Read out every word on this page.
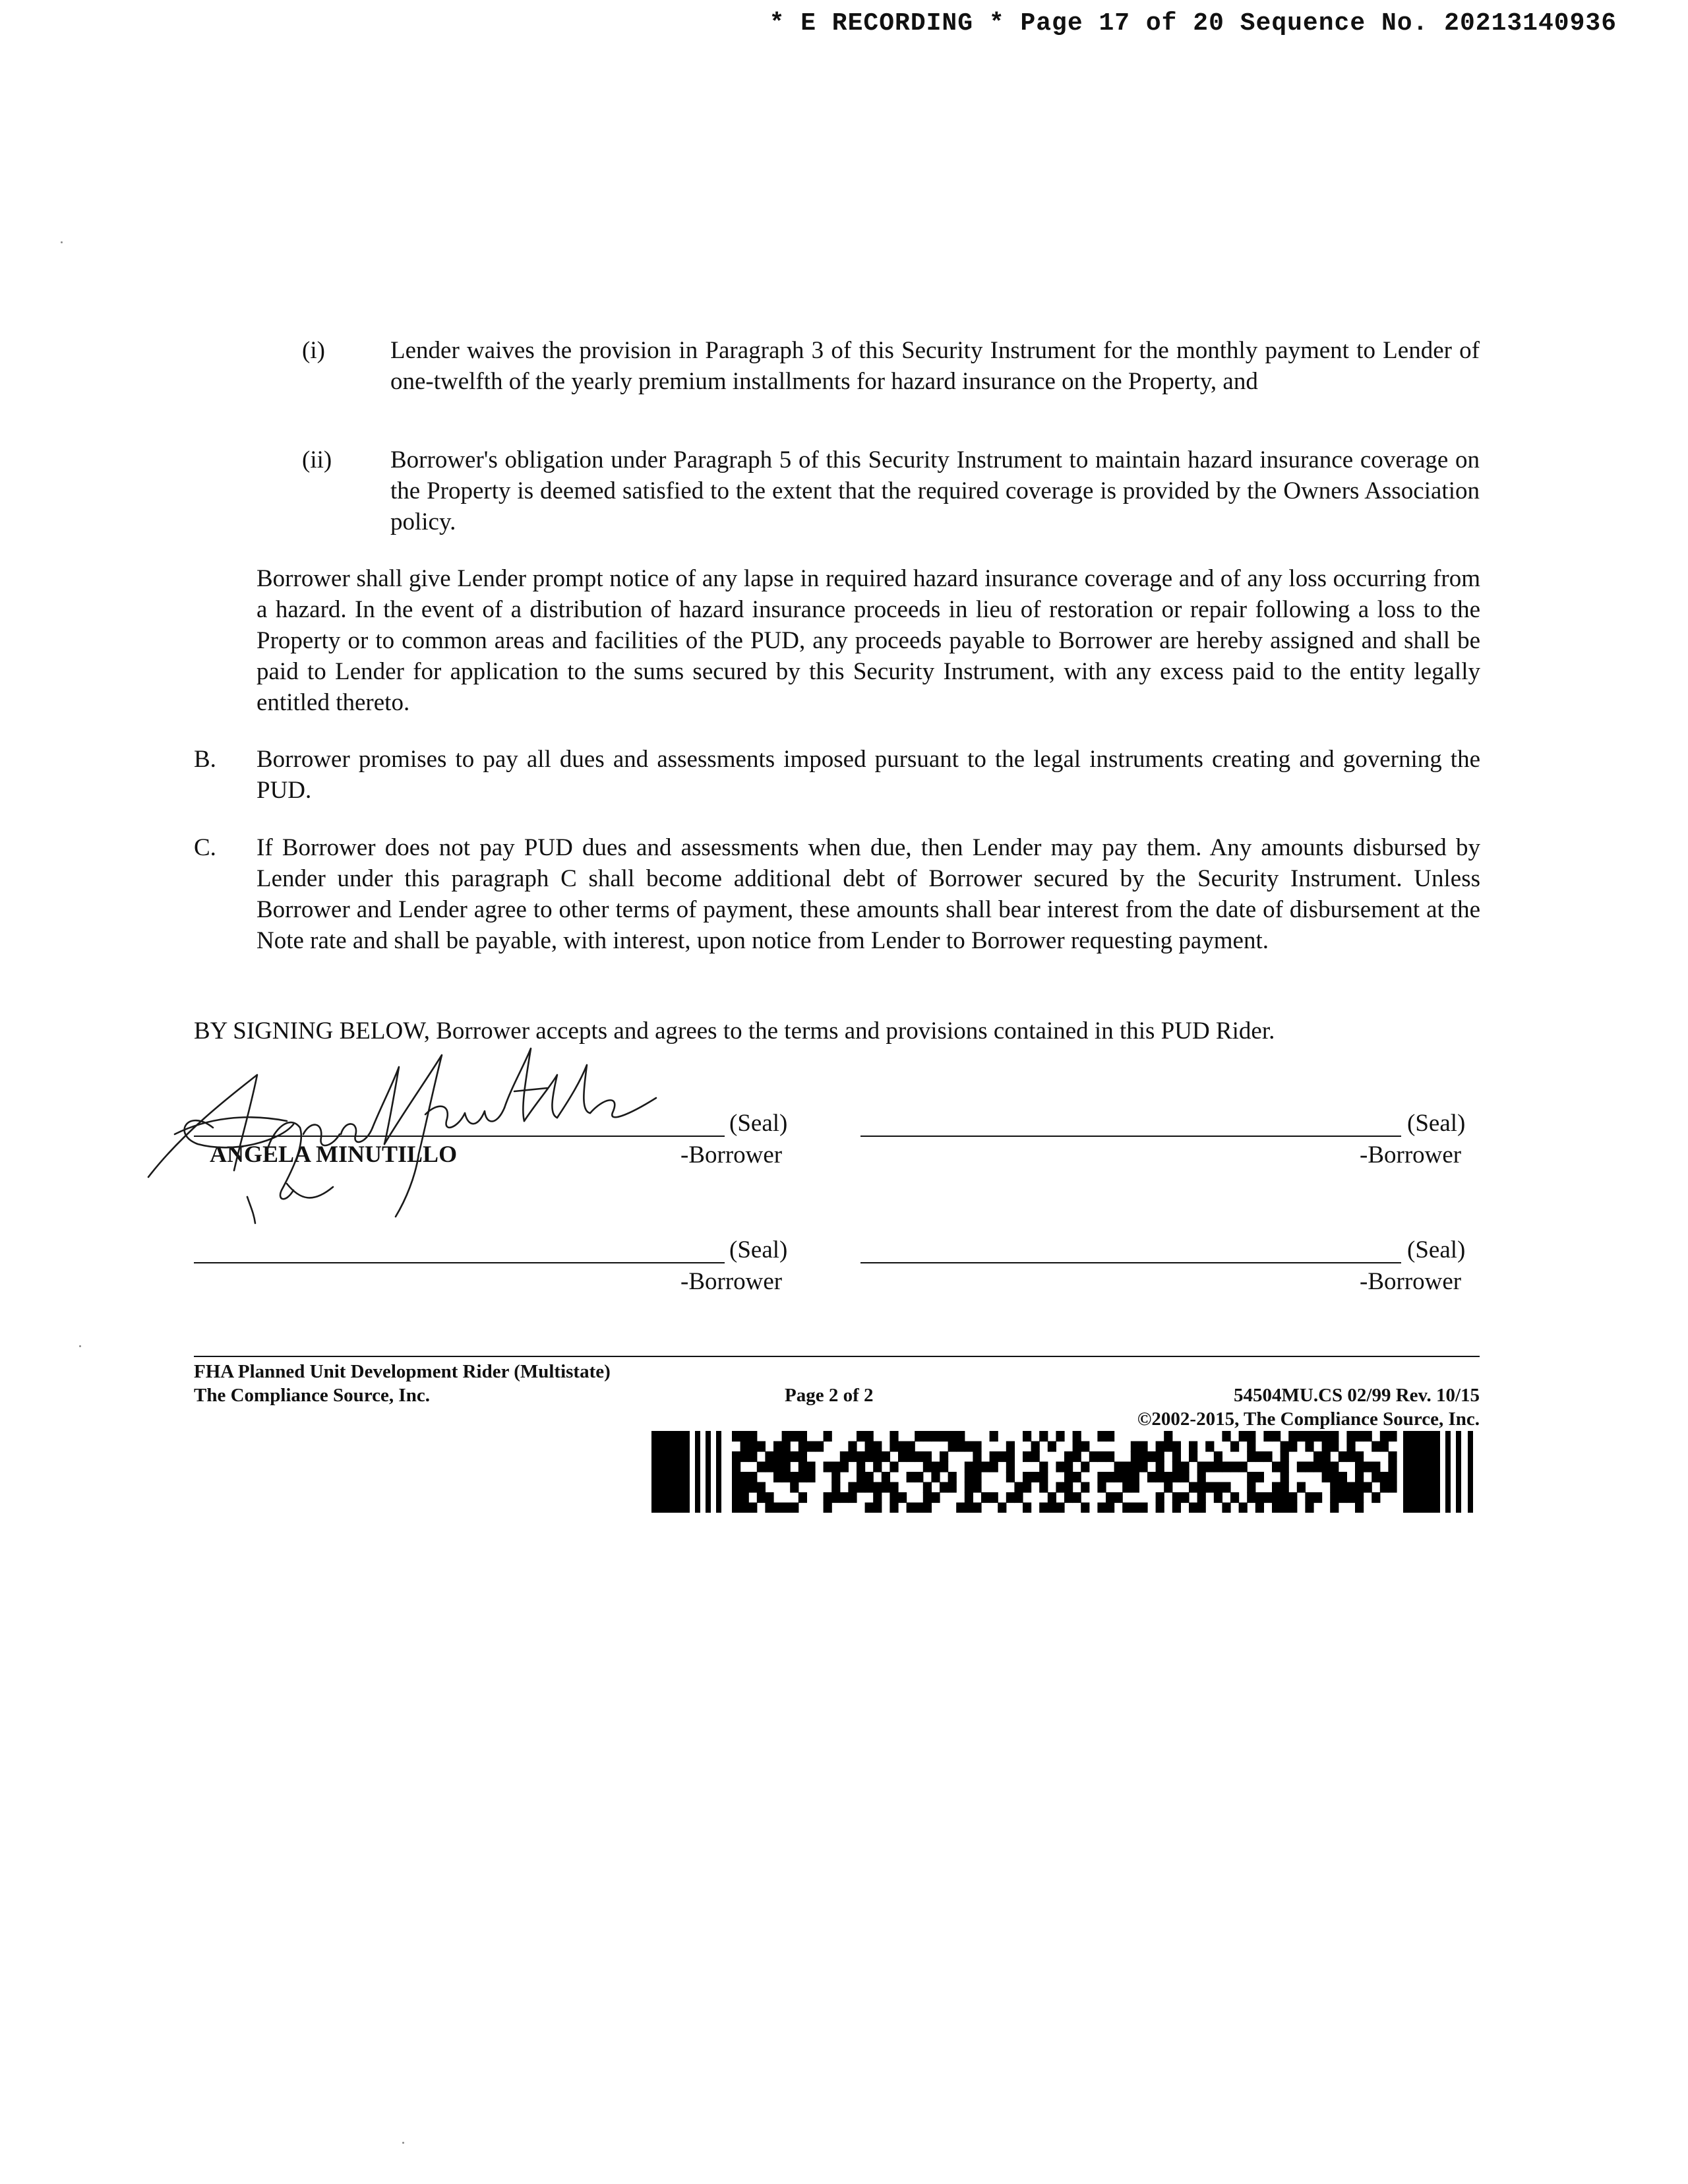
* E RECORDING * Page 17 of 20 Sequence No. 20213140936
(i)	Lender waives the provision in Paragraph 3 of this Security Instrument for the monthly payment to Lender of one-twelfth of the yearly premium installments for hazard insurance on the Property, and
(ii) Borrower's obligation under Paragraph 5 of this Security Instrument to maintain hazard insurance coverage on the Property is deemed satisfied to the extent that the required coverage is provided by the Owners Association policy.
Borrower shall give Lender prompt notice of any lapse in required hazard insurance coverage and of any loss occurring from a hazard. In the event of a distribution of hazard insurance proceeds in lieu of restoration or repair following a loss to the Property or to common areas and facilities of the PUD, any proceeds payable to Borrower are hereby assigned and shall be paid to Lender for application to the sums secured by this Security Instrument, with any excess paid to the entity legally entitled thereto.
B. Borrower promises to pay all dues and assessments imposed pursuant to the legal instruments creating and governing the PUD.
C. If Borrower does not pay PUD dues and assessments when due, then Lender may pay them. Any amounts disbursed by Lender under this paragraph C shall become additional debt of Borrower secured by the Security Instrument. Unless Borrower and Lender agree to other terms of payment, these amounts shall bear interest from the date of disbursement at the Note rate and shall be payable, with interest, upon notice from Lender to Borrower requesting payment.
BY SIGNING BELOW, Borrower accepts and agrees to the terms and provisions contained in this PUD Rider.
(Seal)
ANGELA MINUTILLO	-Borrower
(Seal)
-Borrower
(Seal)
-Borrower
(Seal)
-Borrower
FHA Planned Unit Development Rider (Multistate)
The Compliance Source, Inc.	Page 2 of 2	54504MU.CS 02/99 Rev. 10/15
©2002-2015, The Compliance Source, Inc.
